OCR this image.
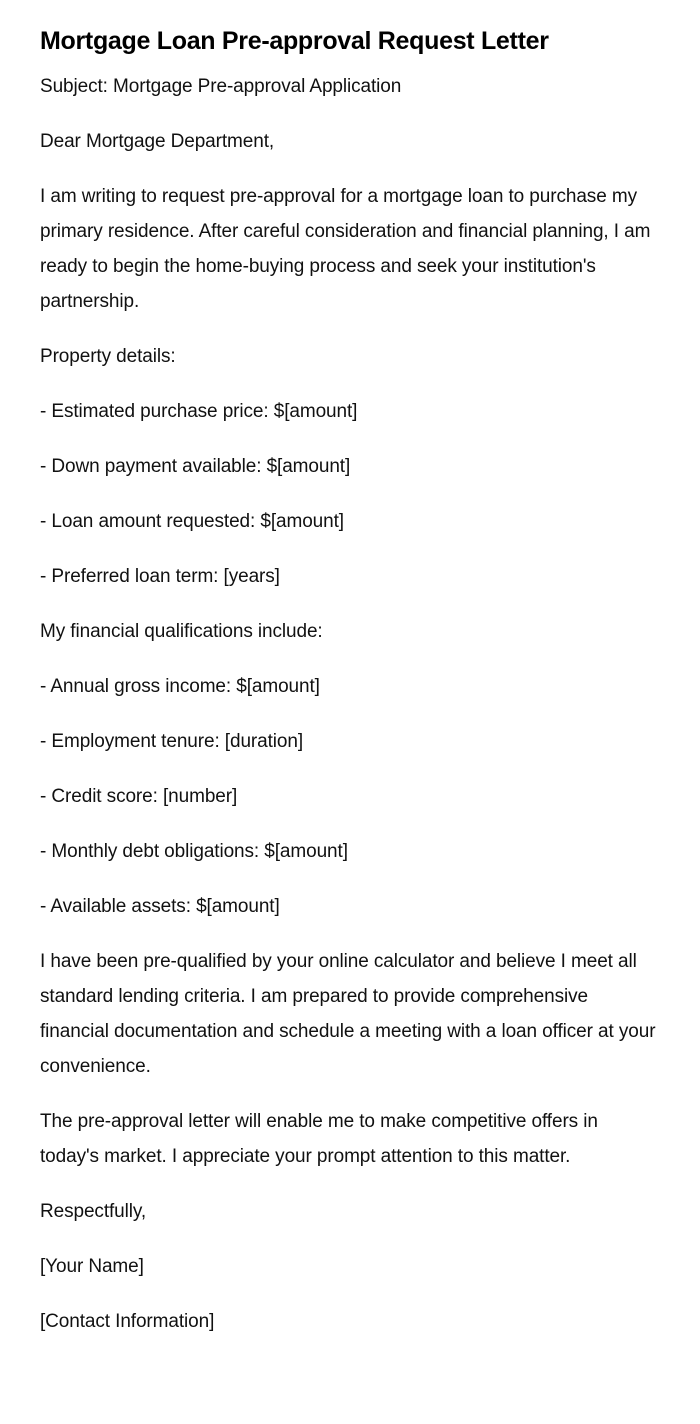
Mortgage Loan Pre-approval Request Letter

Subject: Mortgage Pre-approval Application

Dear Mortgage Department,

I am writing to request pre-approval for a mortgage loan to purchase my primary residence. After careful consideration and financial planning, I am ready to begin the home-buying process and seek your institution's partnership.

Property details:

- Estimated purchase price: $[amount]

- Down payment available: $[amount]

- Loan amount requested: $[amount]

- Preferred loan term: [years]

My financial qualifications include:

- Annual gross income: $[amount]

- Employment tenure: [duration]

- Credit score: [number]

- Monthly debt obligations: $[amount]

- Available assets: $[amount]

I have been pre-qualified by your online calculator and believe I meet all standard lending criteria. I am prepared to provide comprehensive financial documentation and schedule a meeting with a loan officer at your convenience.

The pre-approval letter will enable me to make competitive offers in today's market. I appreciate your prompt attention to this matter.

Respectfully,

[Your Name]

[Contact Information]
